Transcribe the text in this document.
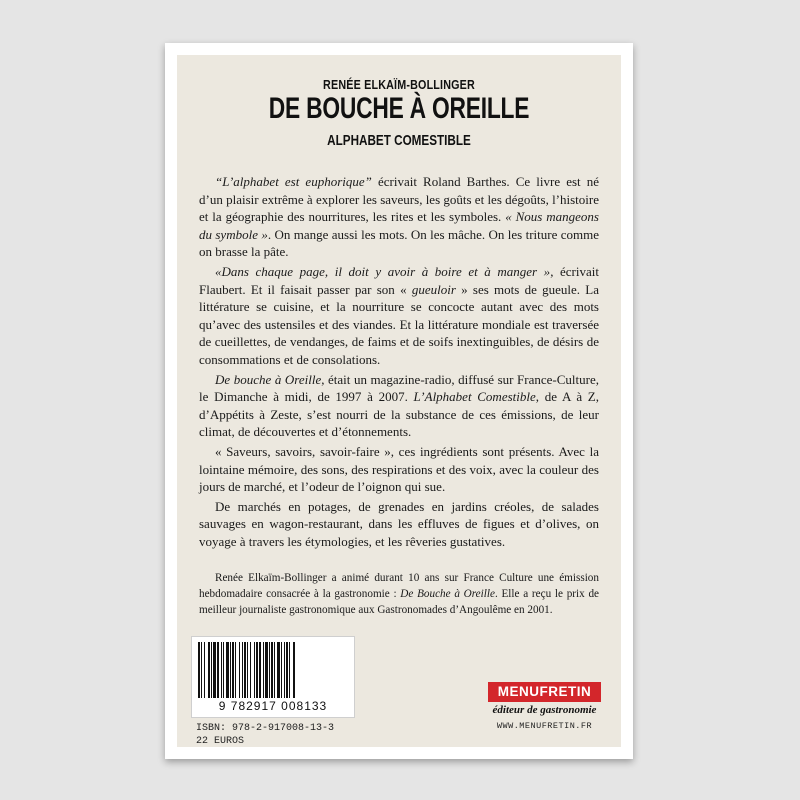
RENÉE ELKAÏM-BOLLINGER
DE BOUCHE À OREILLE
ALPHABET COMESTIBLE

“L’alphabet est euphorique” écrivait Roland Barthes. Ce livre est né d’un plaisir extrême à explorer les saveurs, les goûts et les dégoûts, l’histoire et la géographie des nourritures, les rites et les symboles. « Nous mangeons du symbole ». On mange aussi les mots. On les mâche. On les triture comme on brasse la pâte.

«Dans chaque page, il doit y avoir à boire et à manger », écrivait Flaubert. Et il faisait passer par son « gueuloir » ses mots de gueule. La littérature se cuisine, et la nourriture se concocte autant avec des mots qu’avec des ustensiles et des viandes. Et la littérature mondiale est traversée de cueillettes, de vendanges, de faims et de soifs inextinguibles, de désirs de consommations et de consolations.

De bouche à Oreille, était un magazine-radio, diffusé sur France-Culture, le Dimanche à midi, de 1997 à 2007. L’Alphabet Comestible, de A à Z, d’Appétits à Zeste, s’est nourri de la substance de ces émissions, de leur climat, de découvertes et d’étonnements.

« Saveurs, savoirs, savoir-faire », ces ingrédients sont présents. Avec la lointaine mémoire, des sons, des respirations et des voix, avec la couleur des jours de marché, et l’odeur de l’oignon qui sue.

De marchés en potages, de grenades en jardins créoles, de salades sauvages en wagon-restaurant, dans les effluves de figues et d’olives, on voyage à travers les étymologies, et les rêveries gustatives.

Renée Elkaïm-Bollinger a animé durant 10 ans sur France Culture une émission hebdomadaire consacrée à la gastronomie : De Bouche à Oreille. Elle a reçu le prix de meilleur journaliste gastronomique aux Gastronomades d’Angoulême en 2001.

9 782917 008133
ISBN: 978-2-917008-13-3
22 EUROS
MENUFRETIN
éditeur de gastronomie
WWW.MENUFRETIN.FR
